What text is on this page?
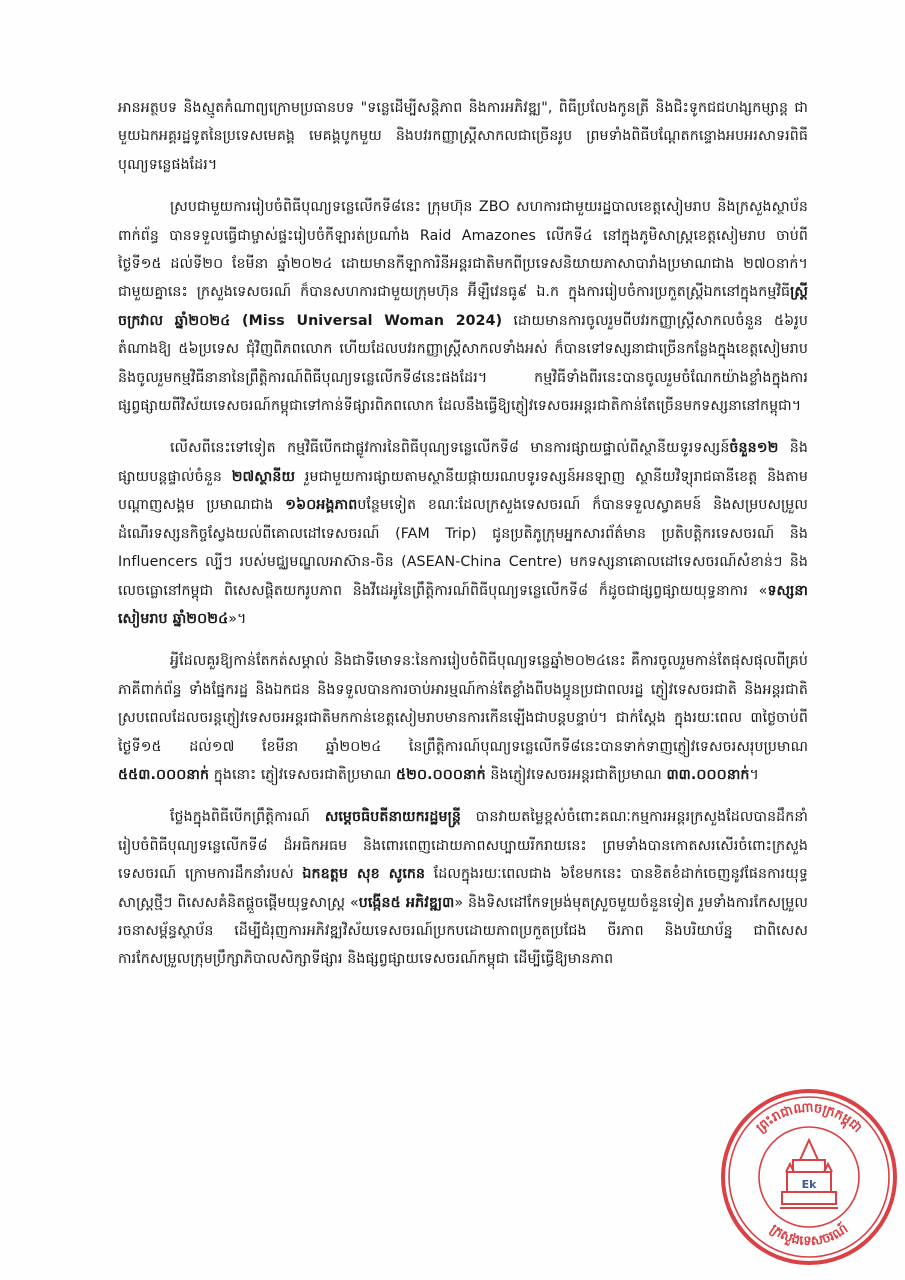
អានអត្ថបទ និងស្មូតកំណាព្យក្រោមប្រធានបទ "ទន្លេដើម្បីសន្តិភាព និងការអភិវឌ្ឍ", ពិធីប្រលែងកូនត្រី និងជិះទូកជជហង្សកម្សាន្ត ជាមួយឯកអគ្គរដ្ឋទូតនៃប្រទេសមេគង្គ មេគង្គបូកមួយ និងបវរកញ្ញាស្រ្តីសាកលជាច្រើនរូប ព្រមទាំងពិធីបណ្តែតកន្ទោងអបអរសាទរពិធីបុណ្យទន្លេផងដែរ។

ស្របជាមួយការរៀបចំពិធីបុណ្យទន្លេលើកទី៨នេះ ក្រុមហ៊ុន ZBO សហការជាមួយរដ្ឋបាលខេត្តសៀមរាប និងក្រសួងស្ថាប័នពាក់ព័ន្ធ បានទទួលធ្វើជាម្ចាស់ផ្ទះរៀបចំកីឡារត់ប្រណាំង Raid Amazones លើកទី៤ នៅក្នុងភូមិសាស្ត្រខេត្តសៀមរាប ចាប់ពីថ្ងៃទី១៥ ដល់ទី២០ ខែមីនា ឆ្នាំ២០២៤ ដោយមានកីឡាការិនីអន្តរជាតិមកពីប្រទេសនិយាយភាសាបារាំងប្រមាណជាង ២៧០នាក់។ ជាមួយគ្នានេះ ក្រសួងទេសចរណ៍ ក៏បានសហការជាមួយក្រុមហ៊ុន អ៊ីឡឺវេនធូ៩ ឯ.ក ក្នុងការរៀបចំការប្រកួតស្រ្តីឯកនៅក្នុងកម្មវិធីស្រ្តីចក្រវាល ឆ្នាំ២០២៤ (Miss Universal Woman 2024) ដោយមានការចូលរួមពីបវរកញ្ញាស្រ្តីសាកលចំនួន ៥៦រូប តំណាងឱ្យ ៥៦ប្រទេស ជុំវិញពិភពលោក ហើយដែលបវរកញ្ញាស្រ្តីសាកលទាំងអស់ ក៏បានទៅទស្សនាជាច្រើនកន្លែងក្នុងខេត្តសៀមរាប និងចូលរួមកម្មវិធីនានានៃព្រឹត្តិការណ៍ពិធីបុណ្យទន្លេលើកទី៨នេះផងដែរ។ កម្មវិធីទាំងពីរនេះបានចូលរួមចំណែកយ៉ាងខ្លាំងក្នុងការផ្សព្វផ្សាយពីវិស័យទេសចរណ៍កម្ពុជាទៅកាន់ទីផ្សារពិភពលោក ដែលនឹងធ្វើឱ្យភ្ញៀវទេសចរអន្តរជាតិកាន់តែច្រើនមកទស្សនានៅកម្ពុជា។

លើសពីនេះទៅទៀត កម្មវិធីបើកជាផ្លូវការនៃពិធីបុណ្យទន្លេលើកទី៨ មានការផ្សាយផ្ទាល់ពីស្ថានីយទូរទស្សន៍ចំនួន១២ និងផ្សាយបន្តផ្ទាល់ចំនួន ២៧ស្ថានីយ រួមជាមួយការផ្សាយតាមស្ថានីយផ្កាយរណបទូរទស្សន៍អនឡាញ ស្ថានីយវិទ្យុរាជធានីខេត្ត និងតាមបណ្តាញសង្គម ប្រមាណជាង ១៦០អង្គភាពបន្ថែមទៀត ខណៈដែលក្រសួងទេសចរណ៍ ក៏បានទទួលស្វាគមន៍ និងសម្របសម្រួល ដំណើរទស្សនកិច្ចស្វែងយល់ពីគោលដៅទេសចរណ៍ (FAM Trip) ជូនប្រតិភូក្រុមអ្នកសារព័ត៌មាន ប្រតិបត្តិករទេសចរណ៍ និង Influencers ល្បីៗ របស់មជ្ឈមណ្ឌលអាស៊ាន-ចិន (ASEAN-China Centre) មកទស្សនាគោលដៅទេសចរណ៍សំខាន់ៗ និងលេចធ្លោនៅកម្ពុជា ពិសេសផ្តិតយករូបភាព និងវីដេអូនៃព្រឹត្តិការណ៍ពិធីបុណ្យទន្លេលើកទី៨ ក៏ដូចជាផ្សព្វផ្សាយយុទ្ធនាការ «ទស្សនាសៀមរាប ឆ្នាំ២០២៤»។

អ្វីដែលគួរឱ្យកាន់តែកត់សម្គាល់ និងជាទីមោទនៈនៃការរៀបចំពិធីបុណ្យទន្លេឆ្នាំ២០២៤នេះ គឺការចូលរួមកាន់តែផុសផុលពីគ្រប់ភាគីពាក់ព័ន្ធ ទាំងផ្នែករដ្ឋ និងឯកជន និងទទួលបានការចាប់អារម្មណ៍កាន់តែខ្លាំងពីបងប្អូនប្រជាពលរដ្ឋ ភ្ញៀវទេសចរជាតិ និងអន្តរជាតិ ស្របពេលដែលចរន្តភ្ញៀវទេសចរអន្តរជាតិមកកាន់ខេត្តសៀមរាបមានការកើនឡើងជាបន្តបន្ទាប់។ ជាក់ស្តែង ក្នុងរយៈពេល ៣ថ្ងៃចាប់ពីថ្ងៃទី១៥ ដល់១៧ ខែមីនា ឆ្នាំ២០២៤ នៃព្រឹត្តិការណ៍បុណ្យទន្លេលើកទី៨នេះបានទាក់ទាញភ្ញៀវទេសចរសរុបប្រមាណ ៥៥៣.០០០នាក់ ក្នុងនោះ ភ្ញៀវទេសចរជាតិប្រមាណ ៥២០.០០០នាក់ និងភ្ញៀវទេសចរអន្តរជាតិប្រមាណ ៣៣.០០០នាក់។

ថ្លែងក្នុងពិធីបើកព្រឹត្តិការណ៍ សម្តេចធិបតីនាយករដ្ឋមន្ត្រី បានវាយតម្លៃខ្ពស់ចំពោះគណៈកម្មការអន្តរក្រសួងដែលបានដឹកនាំរៀបចំពិធីបុណ្យទន្លេលើកទី៨ ដ៏អធិកអធម និងពោរពេញដោយភាពសប្បាយរីករាយនេះ ព្រមទាំងបានកោតសរសើរចំពោះក្រសួងទេសចរណ៍ ក្រោមការដឹកនាំរបស់ ឯកឧត្តម សុខ សូកេន ដែលក្នុងរយៈពេលជាង ៦ខែមកនេះ បានខិតខំដាក់ចេញនូវផែនការយុទ្ធសាស្ត្រថ្មីៗ ពិសេសគំនិតផ្តួចផ្តើមយុទ្ធសាស្ត្រ «បង្កើន៥ អភិវឌ្ឍ៣» និងទិសដៅកែទម្រង់មុតស្រួចមួយចំនួនទៀត រួមទាំងការកែសម្រួលរចនាសម្ព័ន្ធស្ថាប័ន ដើម្បីជំរុញការអភិវឌ្ឍវិស័យទេសចរណ៍ប្រកបដោយភាពប្រកួតប្រជែង ចីរភាព និងបរិយាប័ន្ន ជាពិសេសការកែសម្រួលក្រុមប្រឹក្សាភិបាលសិក្សាទីផ្សារ និងផ្សព្វផ្សាយទេសចរណ៍កម្ពុជា ដើម្បីធ្វើឱ្យមានភាព

ព្រះរាជាណាចក្រកម្ពុជា
ក្រសួងទេសចរណ៍
Ek
